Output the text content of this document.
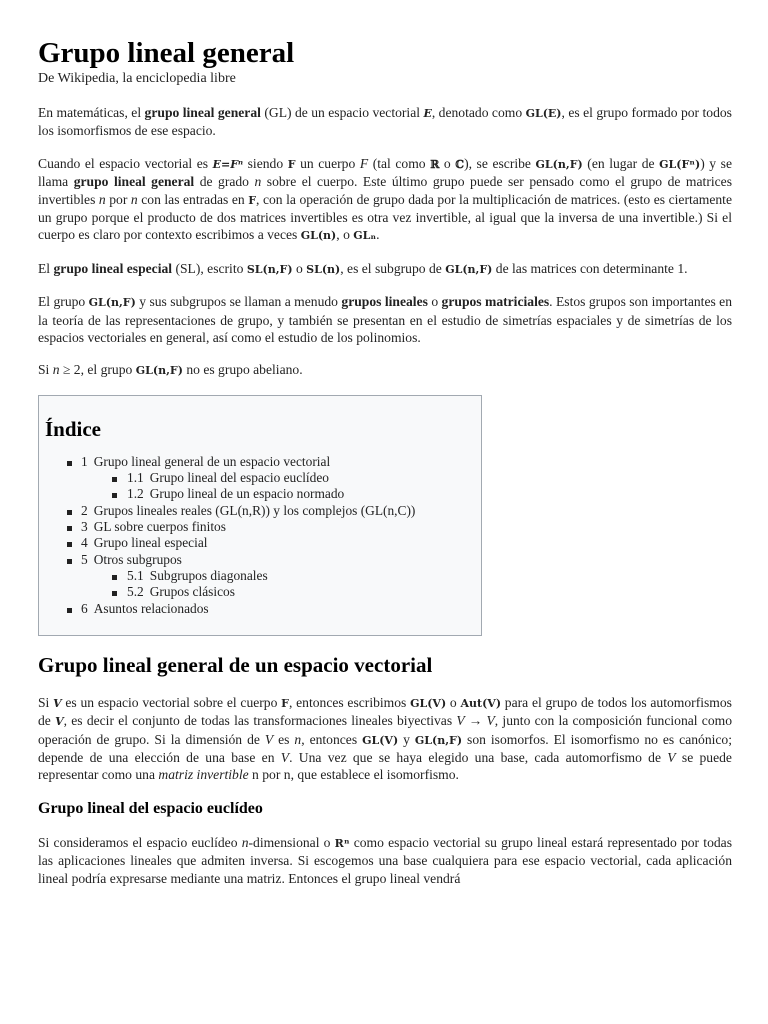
Grupo lineal general
De Wikipedia, la enciclopedia libre

En matemáticas, el grupo lineal general (GL) de un espacio vectorial E, denotado como GL(E), es el grupo formado por todos los isomorfismos de ese espacio.

Cuando el espacio vectorial es E=Fⁿ siendo F un cuerpo F (tal como ℝ o ℂ), se escribe GL(n,F) (en lugar de GL(Fⁿ)) y se llama grupo lineal general de grado n sobre el cuerpo. Este último grupo puede ser pensado como el grupo de matrices invertibles n por n con las entradas en F, con la operación de grupo dada por la multiplicación de matrices. (esto es ciertamente un grupo porque el producto de dos matrices invertibles es otra vez invertible, al igual que la inversa de una invertible.) Si el cuerpo es claro por contexto escribimos a veces GL(n), o GLₙ.

El grupo lineal especial (SL), escrito SL(n,F) o SL(n), es el subgrupo de GL(n,F) de las matrices con determinante 1.

El grupo GL(n,F) y sus subgrupos se llaman a menudo grupos lineales o grupos matriciales. Estos grupos son importantes en la teoría de las representaciones de grupo, y también se presentan en el estudio de simetrías espaciales y de simetrías de los espacios vectoriales en general, así como el estudio de los polinomios.

Si n ≥ 2, el grupo GL(n,F) no es grupo abeliano.

Índice
1 Grupo lineal general de un espacio vectorial
1.1 Grupo lineal del espacio euclídeo
1.2 Grupo lineal de un espacio normado
2 Grupos lineales reales (GL(n,R)) y los complejos (GL(n,C))
3 GL sobre cuerpos finitos
4 Grupo lineal especial
5 Otros subgrupos
5.1 Subgrupos diagonales
5.2 Grupos clásicos
6 Asuntos relacionados
Grupo lineal general de un espacio vectorial

Si V es un espacio vectorial sobre el cuerpo F, entonces escribimos GL(V) o Aut(V) para el grupo de todos los automorfismos de V, es decir el conjunto de todas las transformaciones lineales biyectivas V → V, junto con la composición funcional como operación de grupo. Si la dimensión de V es n, entonces GL(V) y GL(n,F) son isomorfos. El isomorfismo no es canónico; depende de una elección de una base en V. Una vez que se haya elegido una base, cada automorfismo de V se puede representar como una matriz invertible n por n, que establece el isomorfismo.

Grupo lineal del espacio euclídeo

Si consideramos el espacio euclídeo n-dimensional o Rⁿ como espacio vectorial su grupo lineal estará representado por todas las aplicaciones lineales que admiten inversa. Si escogemos una base cualquiera para ese espacio vectorial, cada aplicación lineal podría expresarse mediante una matriz. Entonces el grupo lineal vendrá
